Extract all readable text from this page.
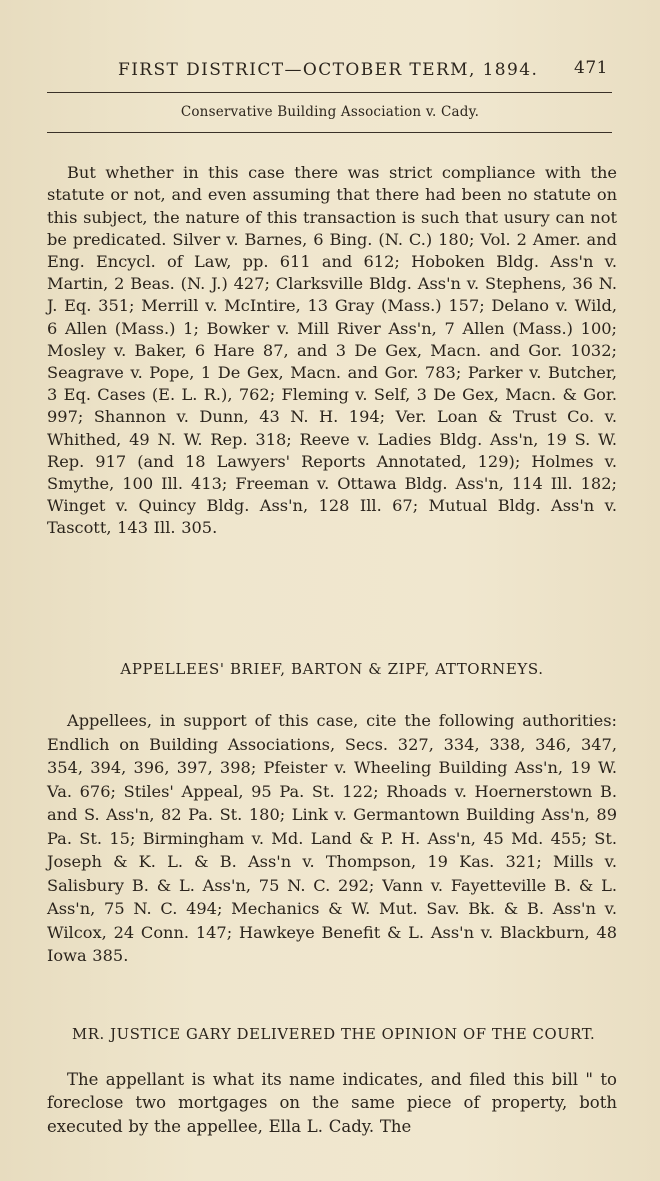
FIRST DISTRICT—OCTOBER TERM, 1894. 471
Conservative Building Association v. Cady.

But whether in this case there was strict compliance with the statute or not, and even assuming that there had been no statute on this subject, the nature of this transaction is such that usury can not be predicated. Silver v. Barnes, 6 Bing. (N. C.) 180; Vol. 2 Amer. and Eng. Encycl. of Law, pp. 611 and 612; Hoboken Bldg. Ass'n v. Martin, 2 Beas. (N. J.) 427; Clarksville Bldg. Ass'n v. Stephens, 36 N. J. Eq. 351; Merrill v. McIntire, 13 Gray (Mass.) 157; Delano v. Wild, 6 Allen (Mass.) 1; Bowker v. Mill River Ass'n, 7 Allen (Mass.) 100; Mosley v. Baker, 6 Hare 87, and 3 De Gex, Macn. and Gor. 1032; Seagrave v. Pope, 1 De Gex, Macn. and Gor. 783; Parker v. Butcher, 3 Eq. Cases (E. L. R.), 762; Fleming v. Self, 3 De Gex, Macn. & Gor. 997; Shannon v. Dunn, 43 N. H. 194; Ver. Loan & Trust Co. v. Whithed, 49 N. W. Rep. 318; Reeve v. Ladies Bldg. Ass'n, 19 S. W. Rep. 917 (and 18 Lawyers' Reports Annotated, 129); Holmes v. Smythe, 100 Ill. 413; Freeman v. Ottawa Bldg. Ass'n, 114 Ill. 182; Winget v. Quincy Bldg. Ass'n, 128 Ill. 67; Mutual Bldg. Ass'n v. Tascott, 143 Ill. 305.

APPELLEES' BRIEF, BARTON & ZIPF, ATTORNEYS.

Appellees, in support of this case, cite the following authorities: Endlich on Building Associations, Secs. 327, 334, 338, 346, 347, 354, 394, 396, 397, 398; Pfeister v. Wheeling Building Ass'n, 19 W. Va. 676; Stiles' Appeal, 95 Pa. St. 122; Rhoads v. Hoernerstown B. and S. Ass'n, 82 Pa. St. 180; Link v. Germantown Building Ass'n, 89 Pa. St. 15; Birmingham v. Md. Land & P. H. Ass'n, 45 Md. 455; St. Joseph & K. L. & B. Ass'n v. Thompson, 19 Kas. 321; Mills v. Salisbury B. & L. Ass'n, 75 N. C. 292; Vann v. Fayetteville B. & L. Ass'n, 75 N. C. 494; Mechanics & W. Mut. Sav. Bk. & B. Ass'n v. Wilcox, 24 Conn. 147; Hawkeye Benefit & L. Ass'n v. Blackburn, 48 Iowa 385.

MR. JUSTICE GARY DELIVERED THE OPINION OF THE COURT.

The appellant is what its name indicates, and filed this bill " to foreclose two mortgages on the same piece of property, both executed by the appellee, Ella L. Cady. The
